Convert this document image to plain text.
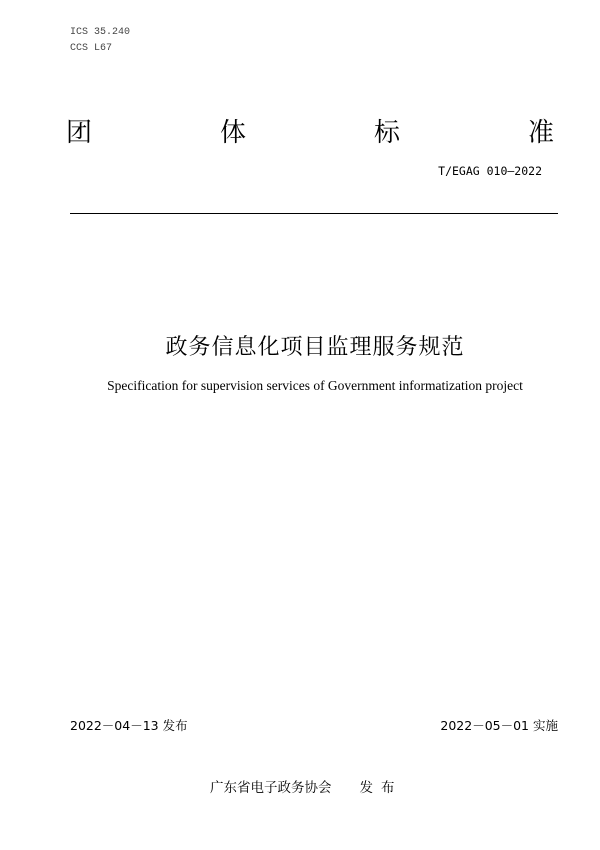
ICS 35.240
CCS L67
团	体	标	准
T/EGAG 010—2022
政务信息化项目监理服务规范
Specification for supervision services of Government informatization project
2022－04－13 发布	2022－05－01 实施
广东省电子政务协会 发布
